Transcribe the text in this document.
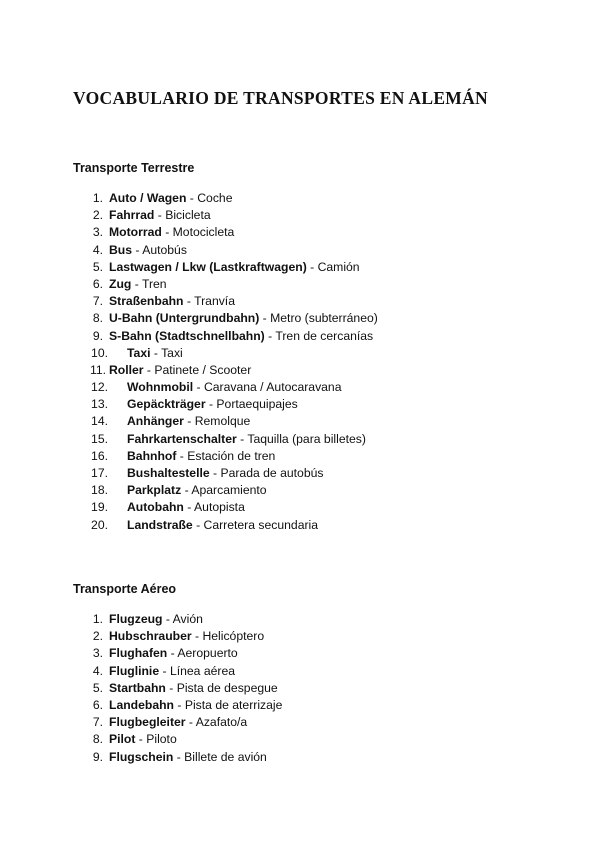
VOCABULARIO DE TRANSPORTES EN ALEMÁN
Transporte Terrestre
1. Auto / Wagen - Coche
2. Fahrrad - Bicicleta
3. Motorrad - Motocicleta
4. Bus - Autobús
5. Lastwagen / Lkw (Lastkraftwagen) - Camión
6. Zug - Tren
7. Straßenbahn - Tranvía
8. U-Bahn (Untergrundbahn) - Metro (subterráneo)
9. S-Bahn (Stadtschnellbahn) - Tren de cercanías
10. Taxi - Taxi
11. Roller - Patinete / Scooter
12. Wohnmobil - Caravana / Autocaravana
13. Gepäckträger - Portaequipajes
14. Anhänger - Remolque
15. Fahrkartenschalter - Taquilla (para billetes)
16. Bahnhof - Estación de tren
17. Bushaltestelle - Parada de autobús
18. Parkplatz - Aparcamiento
19. Autobahn - Autopista
20. Landstraße - Carretera secundaria
Transporte Aéreo
1. Flugzeug - Avión
2. Hubschrauber - Helicóptero
3. Flughafen - Aeropuerto
4. Fluglinie - Línea aérea
5. Startbahn - Pista de despegue
6. Landebahn - Pista de aterrizaje
7. Flugbegleiter - Azafato/a
8. Pilot - Piloto
9. Flugschein - Billete de avión
